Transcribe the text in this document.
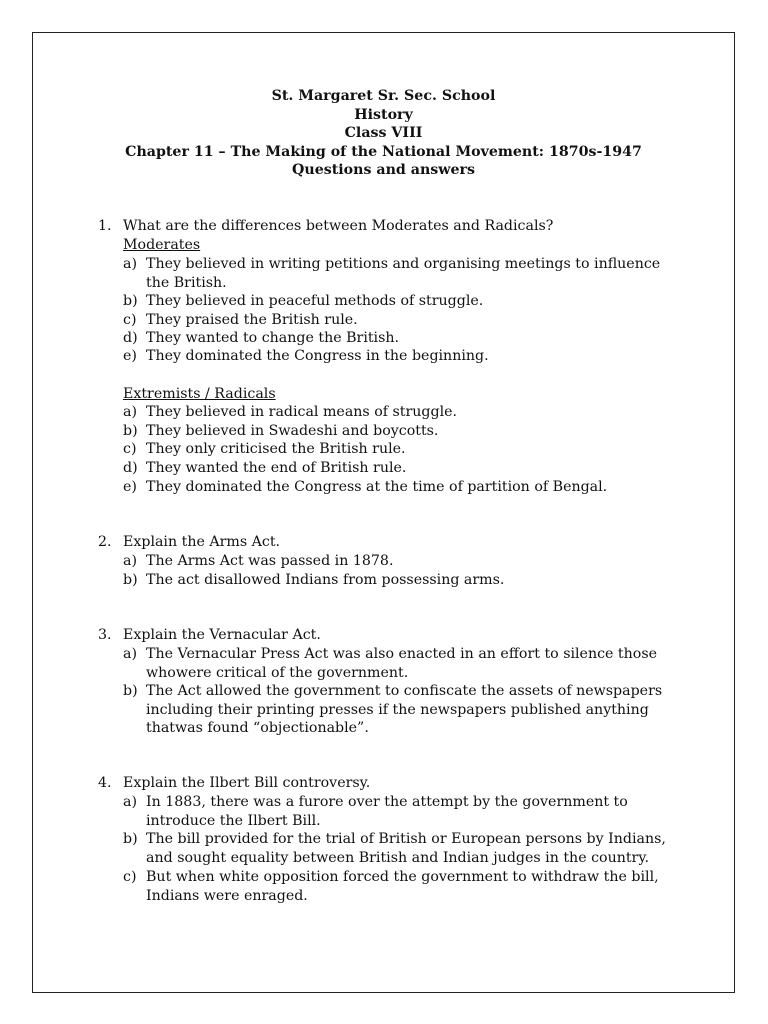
St. Margaret Sr. Sec. School
History
Class VIII
Chapter 11 – The Making of the National Movement: 1870s-1947
Questions and answers
1. What are the differences between Moderates and Radicals?
Moderates
a) They believed in writing petitions and organising meetings to influence the British.
b) They believed in peaceful methods of struggle.
c) They praised the British rule.
d) They wanted to change the British.
e) They dominated the Congress in the beginning.
Extremists / Radicals
a) They believed in radical means of struggle.
b) They believed in Swadeshi and boycotts.
c) They only criticised the British rule.
d) They wanted the end of British rule.
e) They dominated the Congress at the time of partition of Bengal.
2. Explain the Arms Act.
a) The Arms Act was passed in 1878.
b) The act disallowed Indians from possessing arms.
3. Explain the Vernacular Act.
a) The Vernacular Press Act was also enacted in an effort to silence those whowere critical of the government.
b) The Act allowed the government to confiscate the assets of newspapers including their printing presses if the newspapers published anything thatwas found “objectionable”.
4. Explain the Ilbert Bill controversy.
a) In 1883, there was a furore over the attempt by the government to introduce the Ilbert Bill.
b) The bill provided for the trial of British or European persons by Indians, and sought equality between British and Indian judges in the country.
c) But when white opposition forced the government to withdraw the bill, Indians were enraged.
